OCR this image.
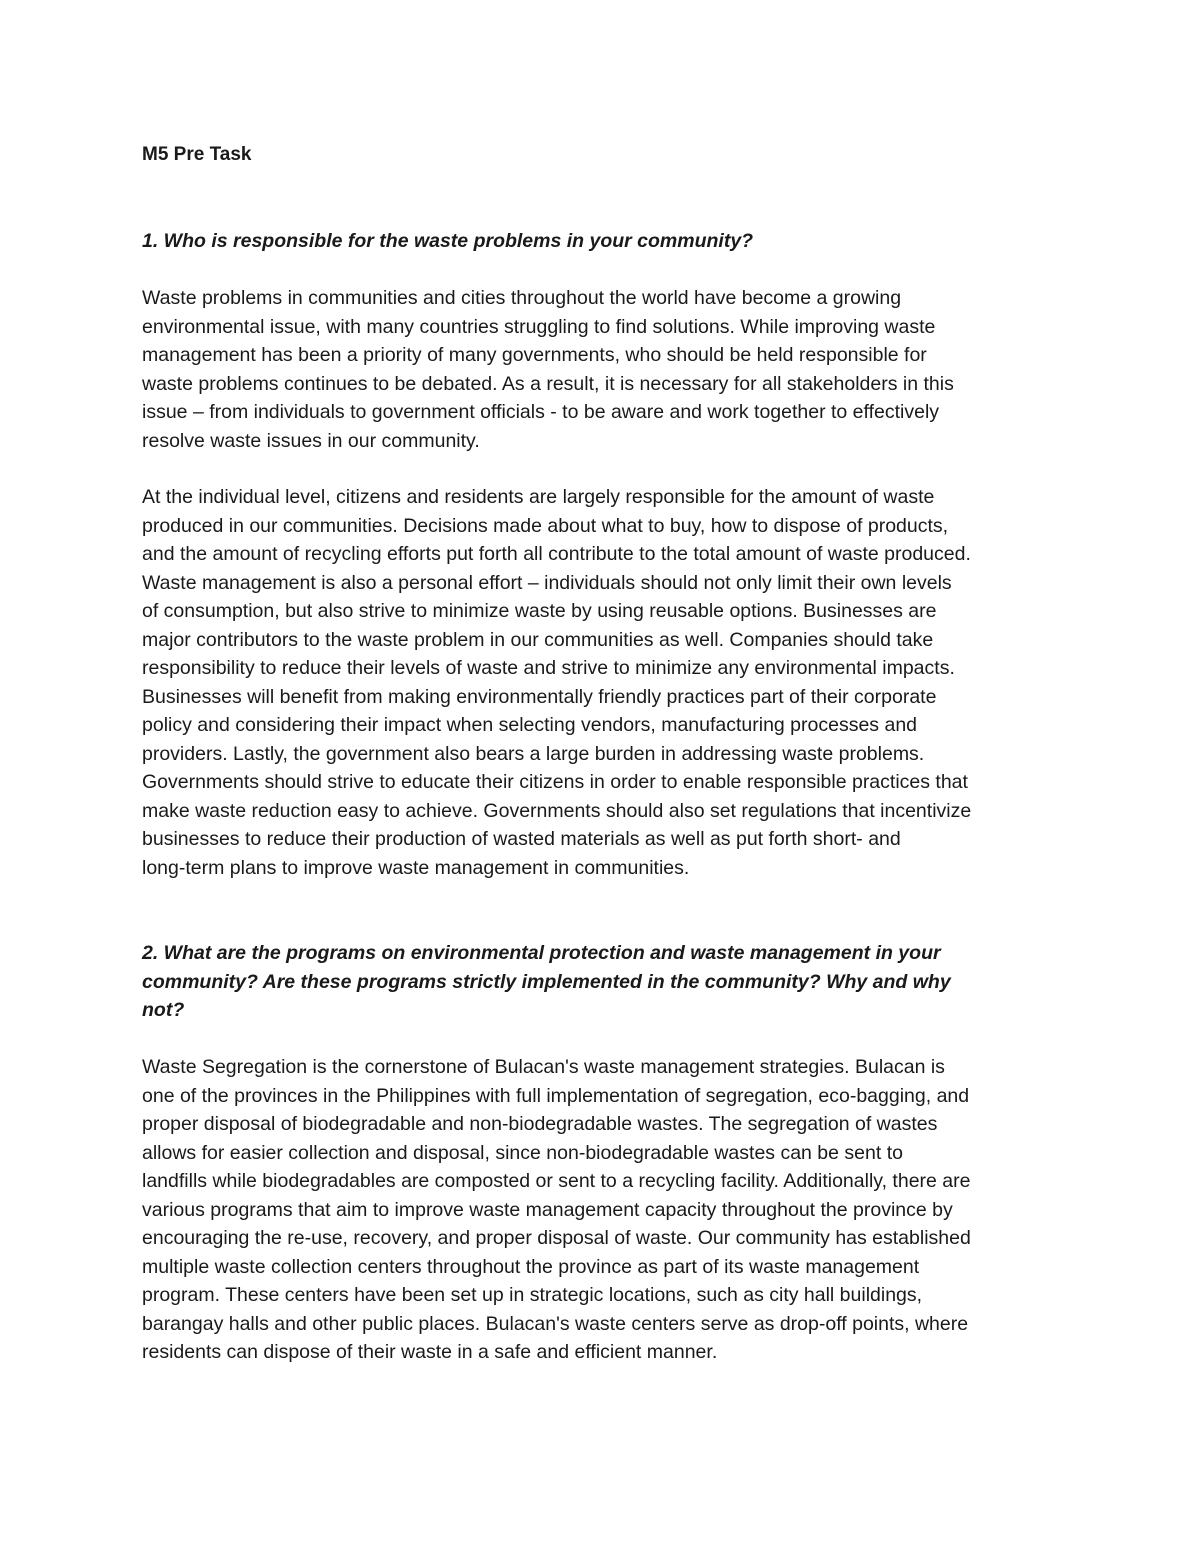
M5 Pre Task

1. Who is responsible for the waste problems in your community?

Waste problems in communities and cities throughout the world have become a growing
environmental issue, with many countries struggling to find solutions. While improving waste
management has been a priority of many governments, who should be held responsible for
waste problems continues to be debated. As a result, it is necessary for all stakeholders in this
issue – from individuals to government officials - to be aware and work together to effectively
resolve waste issues in our community.

At the individual level, citizens and residents are largely responsible for the amount of waste
produced in our communities. Decisions made about what to buy, how to dispose of products,
and the amount of recycling efforts put forth all contribute to the total amount of waste produced.
Waste management is also a personal effort – individuals should not only limit their own levels
of consumption, but also strive to minimize waste by using reusable options. Businesses are
major contributors to the waste problem in our communities as well. Companies should take
responsibility to reduce their levels of waste and strive to minimize any environmental impacts.
Businesses will benefit from making environmentally friendly practices part of their corporate
policy and considering their impact when selecting vendors, manufacturing processes and
providers. Lastly, the government also bears a large burden in addressing waste problems.
Governments should strive to educate their citizens in order to enable responsible practices that
make waste reduction easy to achieve. Governments should also set regulations that incentivize
businesses to reduce their production of wasted materials as well as put forth short- and
long-term plans to improve waste management in communities.

2. What are the programs on environmental protection and waste management in your
community? Are these programs strictly implemented in the community? Why and why
not?

Waste Segregation is the cornerstone of Bulacan's waste management strategies. Bulacan is
one of the provinces in the Philippines with full implementation of segregation, eco-bagging, and
proper disposal of biodegradable and non-biodegradable wastes. The segregation of wastes
allows for easier collection and disposal, since non-biodegradable wastes can be sent to
landfills while biodegradables are composted or sent to a recycling facility. Additionally, there are
various programs that aim to improve waste management capacity throughout the province by
encouraging the re-use, recovery, and proper disposal of waste. Our community has established
multiple waste collection centers throughout the province as part of its waste management
program. These centers have been set up in strategic locations, such as city hall buildings,
barangay halls and other public places. Bulacan's waste centers serve as drop-off points, where
residents can dispose of their waste in a safe and efficient manner.
